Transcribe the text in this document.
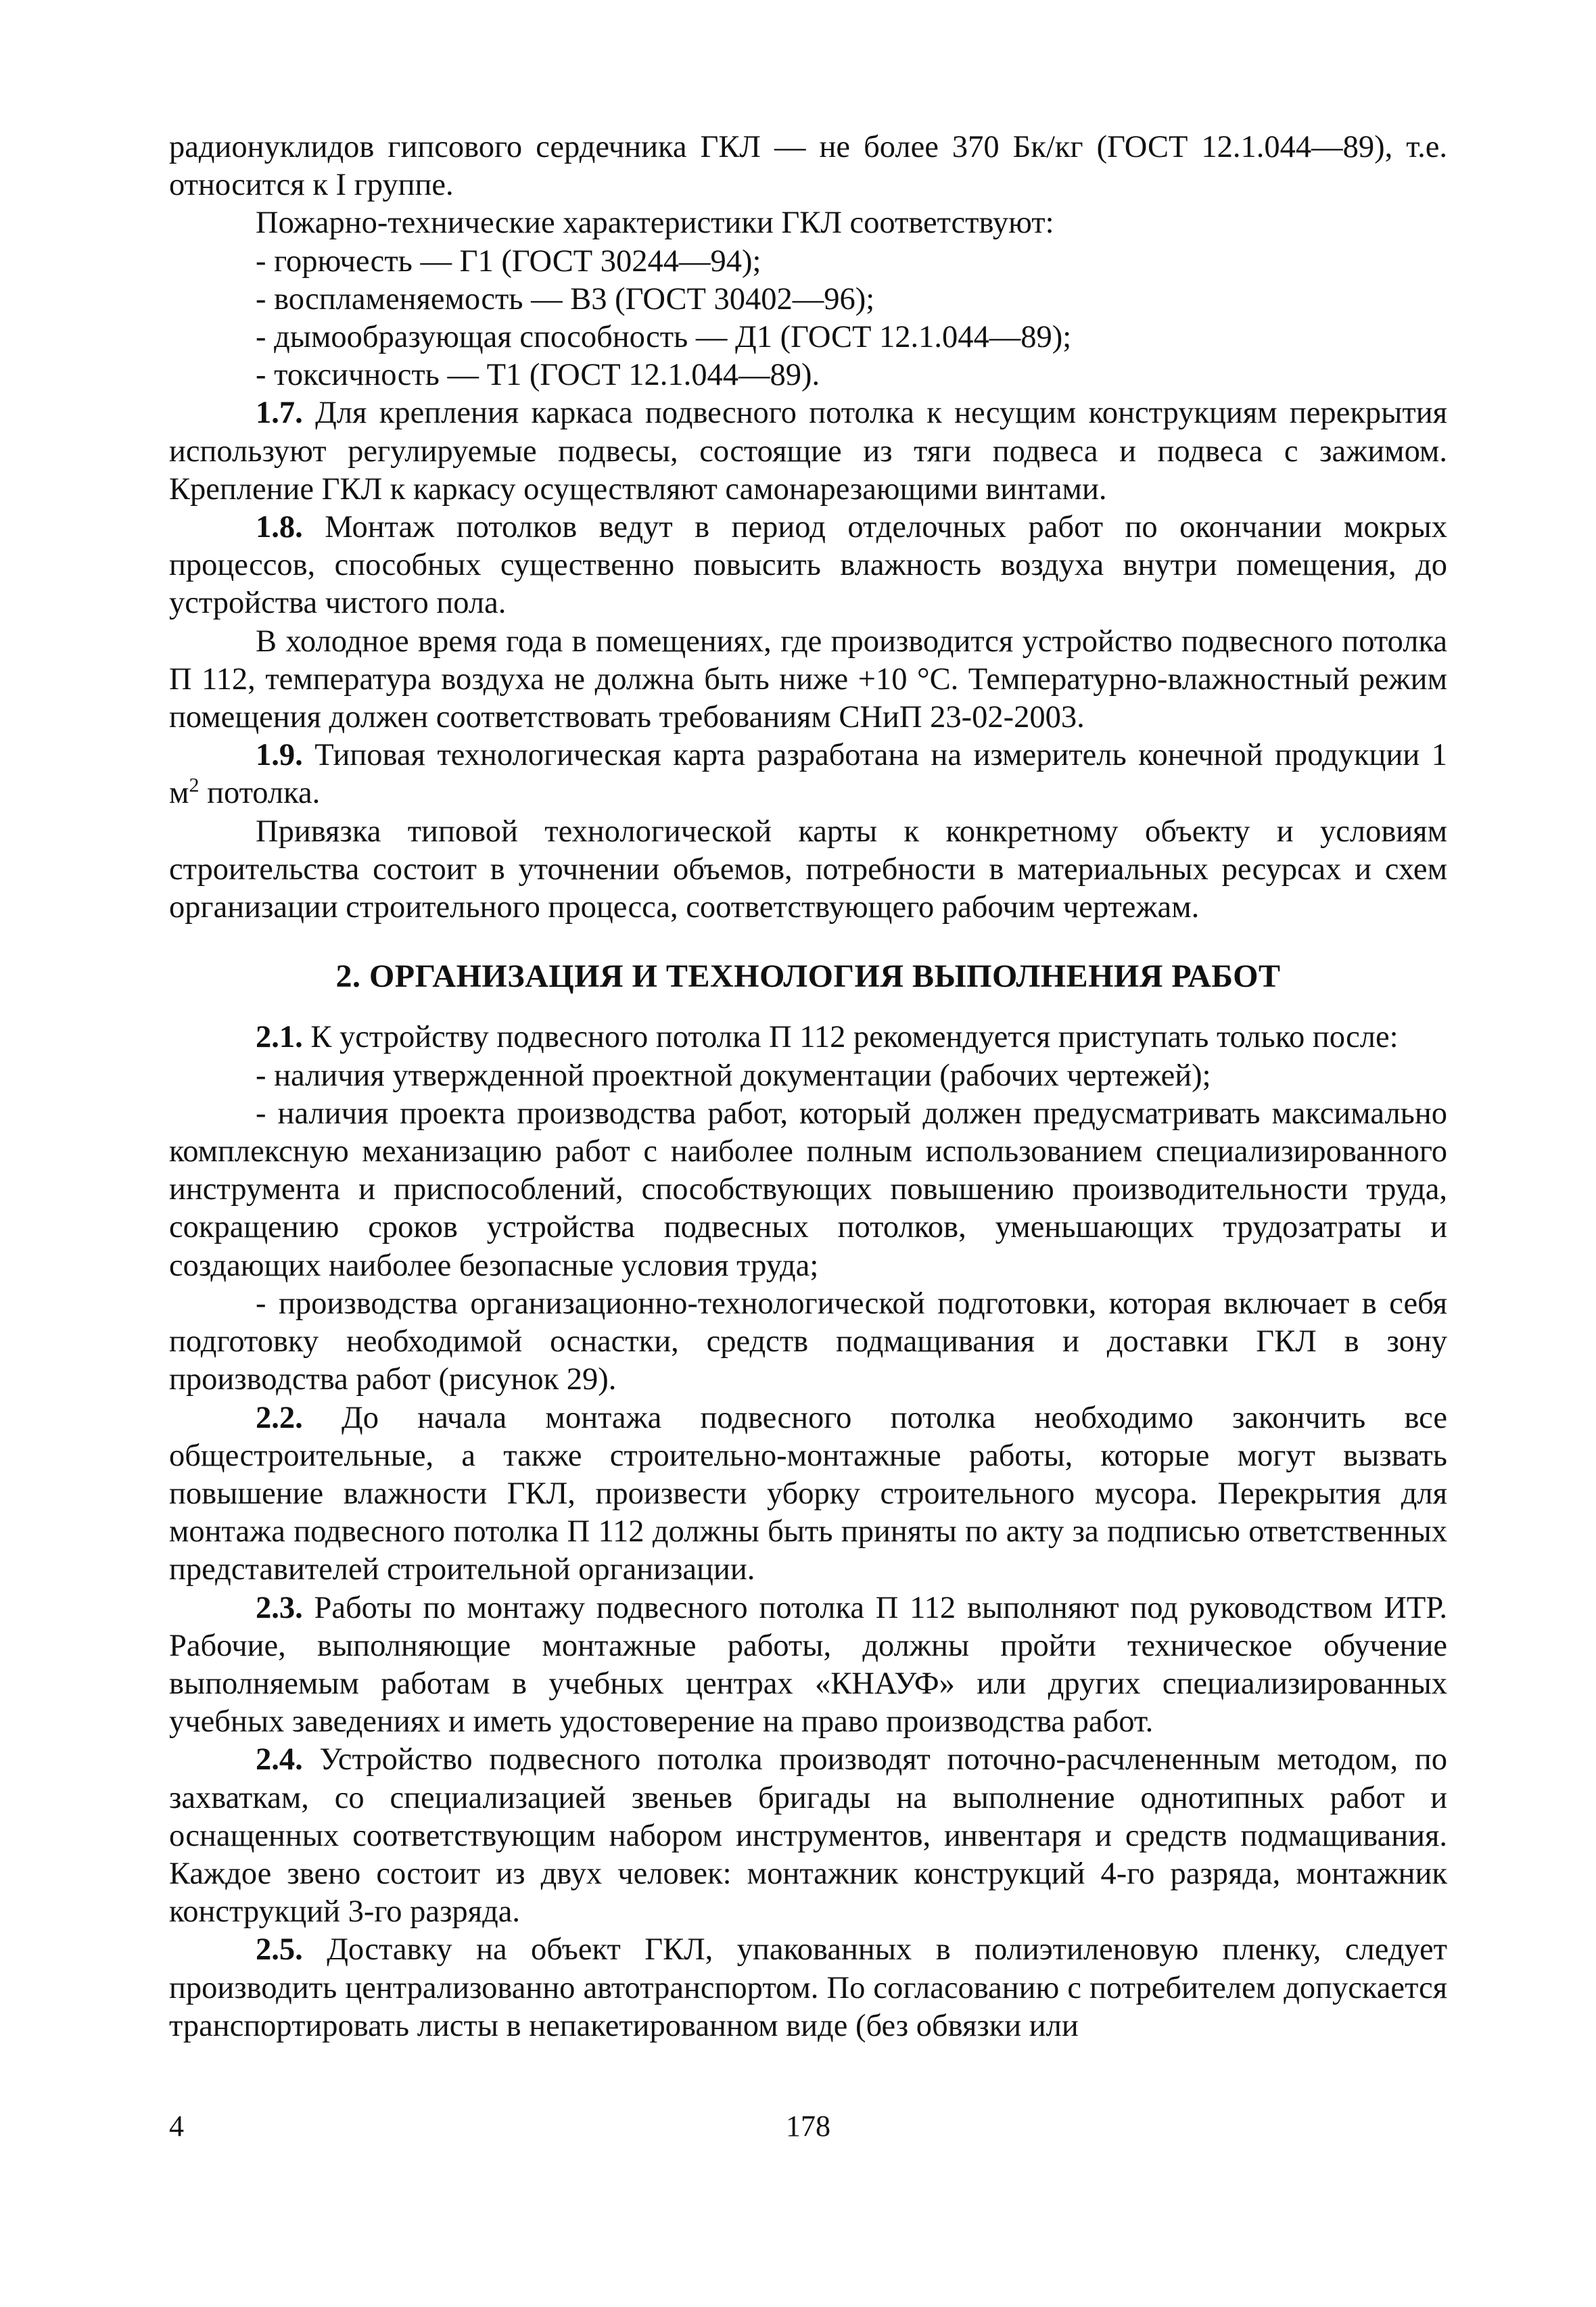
радионуклидов гипсового сердечника ГКЛ — не более 370 Бк/кг (ГОСТ 12.1.044—89), т.е. относится к I группе.

Пожарно-технические характеристики ГКЛ соответствуют:

- горючесть — Г1 (ГОСТ 30244—94);

- воспламеняемость — В3 (ГОСТ 30402—96);

- дымообразующая способность — Д1 (ГОСТ 12.1.044—89);

- токсичность — Т1 (ГОСТ 12.1.044—89).

1.7. Для крепления каркаса подвесного потолка к несущим конструкциям перекрытия используют регулируемые подвесы, состоящие из тяги подвеса и подвеса с зажимом. Крепление ГКЛ к каркасу осуществляют самонарезающими винтами.

1.8. Монтаж потолков ведут в период отделочных работ по окончании мокрых процессов, способных существенно повысить влажность воздуха внутри помещения, до устройства чистого пола.

В холодное время года в помещениях, где производится устройство подвесного потолка П 112, температура воздуха не должна быть ниже +10 °С. Температурно-влажностный режим помещения должен соответствовать требованиям СНиП 23-02-2003.

1.9. Типовая технологическая карта разработана на измеритель конечной продукции 1 $м^2$ потолка.

Привязка типовой технологической карты к конкретному объекту и условиям строительства состоит в уточнении объемов, потребности в материальных ресурсах и схем организации строительного процесса, соответствующего рабочим чертежам.

2. ОРГАНИЗАЦИЯ И ТЕХНОЛОГИЯ ВЫПОЛНЕНИЯ РАБОТ

2.1. К устройству подвесного потолка П 112 рекомендуется приступать только после:

- наличия утвержденной проектной документации (рабочих чертежей);

- наличия проекта производства работ, который должен предусматривать максимально комплексную механизацию работ с наиболее полным использованием специализированного инструмента и приспособлений, способствующих повышению производительности труда, сокращению сроков устройства подвесных потолков, уменьшающих трудозатраты и создающих наиболее безопасные условия труда;

- производства организационно-технологической подготовки, которая включает в себя подготовку необходимой оснастки, средств подмащивания и доставки ГКЛ в зону производства работ (рисунок 29).

2.2. До начала монтажа подвесного потолка необходимо закончить все общестроительные, а также строительно-монтажные работы, которые могут вызвать повышение влажности ГКЛ, произвести уборку строительного мусора. Перекрытия для монтажа подвесного потолка П 112 должны быть приняты по акту за подписью ответственных представителей строительной организации.

2.3. Работы по монтажу подвесного потолка П 112 выполняют под руководством ИТР. Рабочие, выполняющие монтажные работы, должны пройти техническое обучение выполняемым работам в учебных центрах «КНАУФ» или других специализированных учебных заведениях и иметь удостоверение на право производства работ.

2.4. Устройство подвесного потолка производят поточно-расчлененным методом, по захваткам, со специализацией звеньев бригады на выполнение однотипных работ и оснащенных соответствующим набором инструментов, инвентаря и средств подмащивания. Каждое звено состоит из двух человек: монтажник конструкций 4-го разряда, монтажник конструкций 3-го разряда.

2.5. Доставку на объект ГКЛ, упакованных в полиэтиленовую пленку, следует производить централизованно автотранспортом. По согласованию с потребителем допускается транспортировать листы в непакетированном виде (без обвязки или

4	178
